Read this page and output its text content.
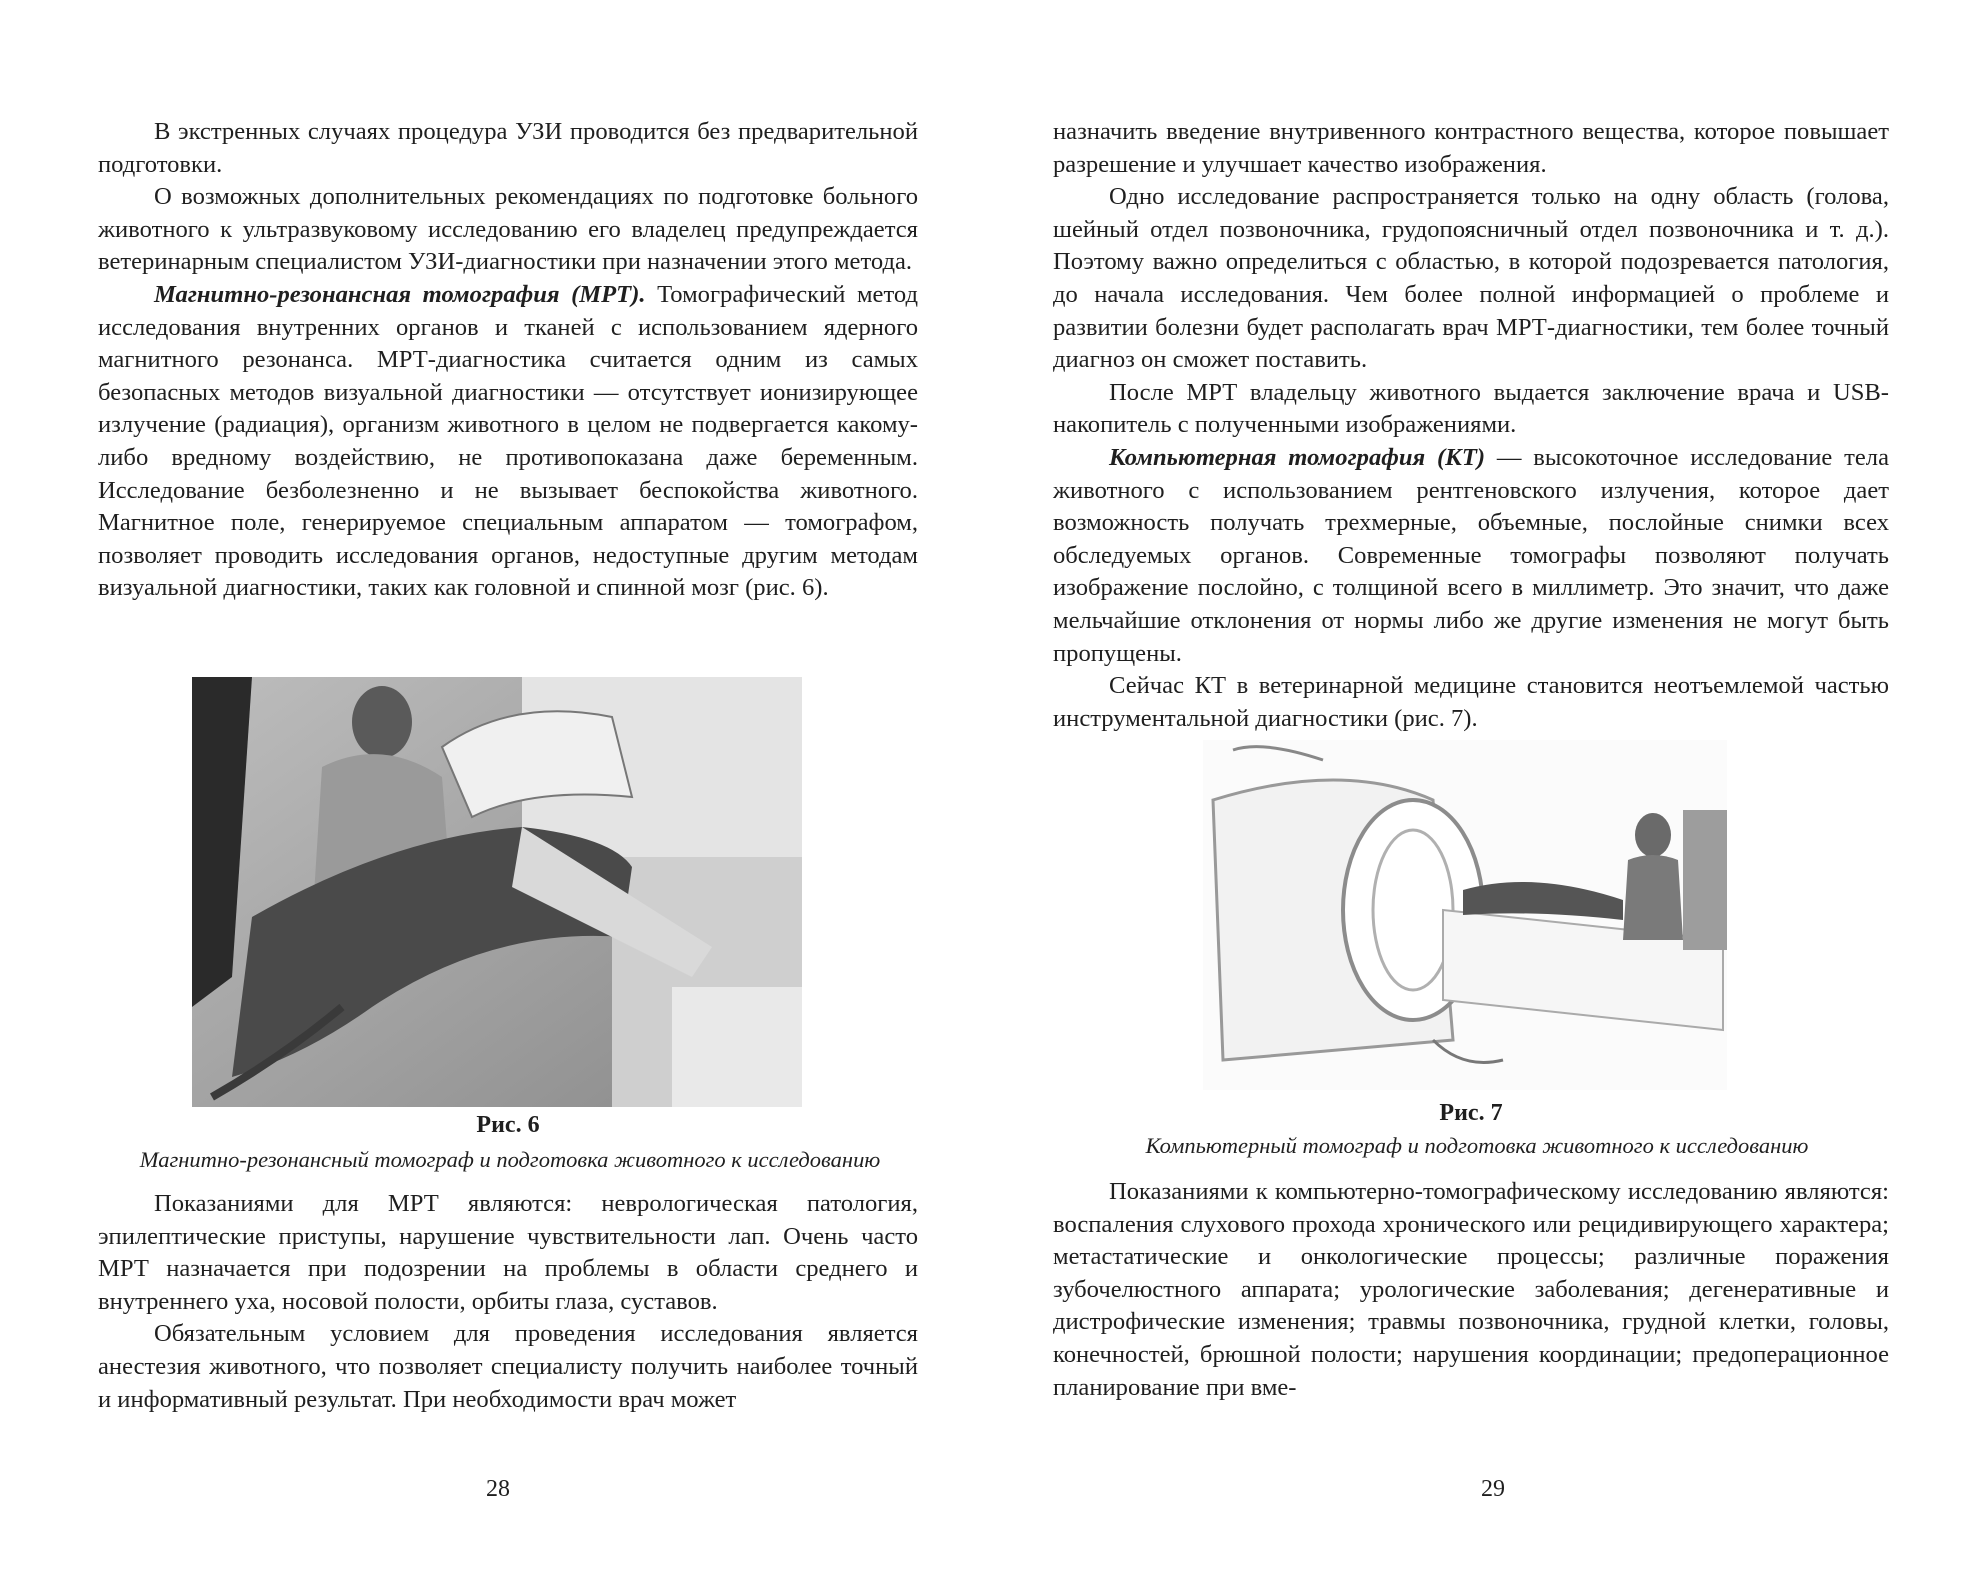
В экстренных случаях процедура УЗИ проводится без предварительной подготовки.

О возможных дополнительных рекомендациях по подготовке больного животного к ультразвуковому исследованию его владелец предупреждается ветеринарным специалистом УЗИ-диагностики при назначении этого метода.

Магнитно-резонансная томография (МРТ). Томографический метод исследования внутренних органов и тканей с использованием ядерного магнитного резонанса. МРТ-диагностика считается одним из самых безопасных методов визуальной диагностики — отсутствует ионизирующее излучение (радиация), организм животного в целом не подвергается какому-либо вредному воздействию, не противопоказана даже беременным. Исследование безболезненно и не вызывает беспокойства животного. Магнитное поле, генерируемое специальным аппаратом — томографом, позволяет проводить исследования органов, недоступные другим методам визуальной диагностики, таких как головной и спинной мозг (рис. 6).

Рис. 6
Магнитно-резонансный томограф и подготовка животного к исследованию

Показаниями для МРТ являются: неврологическая патология, эпилептические приступы, нарушение чувствительности лап. Очень часто МРТ назначается при подозрении на проблемы в области среднего и внутреннего уха, носовой полости, орбиты глаза, суставов.

Обязательным условием для проведения исследования является анестезия животного, что позволяет специалисту получить наиболее точный и информативный результат. При необходимости врач может

28

назначить введение внутривенного контрастного вещества, которое повышает разрешение и улучшает качество изображения.

Одно исследование распространяется только на одну область (голова, шейный отдел позвоночника, грудопоясничный отдел позвоночника и т. д.). Поэтому важно определиться с областью, в которой подозревается патология, до начала исследования. Чем более полной информацией о проблеме и развитии болезни будет располагать врач МРТ-диагностики, тем более точный диагноз он сможет поставить.

После МРТ владельцу животного выдается заключение врача и USB-накопитель с полученными изображениями.

Компьютерная томография (КТ) — высокоточное исследование тела животного с использованием рентгеновского излучения, которое дает возможность получать трехмерные, объемные, послойные снимки всех обследуемых органов. Современные томографы позволяют получать изображение послойно, с толщиной всего в миллиметр. Это значит, что даже мельчайшие отклонения от нормы либо же другие изменения не могут быть пропущены.

Сейчас КТ в ветеринарной медицине становится неотъемлемой частью инструментальной диагностики (рис. 7).

Рис. 7
Компьютерный томограф и подготовка животного к исследованию

Показаниями к компьютерно-томографическому исследованию являются: воспаления слухового прохода хронического или рецидивирующего характера; метастатические и онкологические процессы; различные поражения зубочелюстного аппарата; урологические заболевания; дегенеративные и дистрофические изменения; травмы позвоночника, грудной клетки, головы, конечностей, брюшной полости; нарушения координации; предоперационное планирование при вме-

29
